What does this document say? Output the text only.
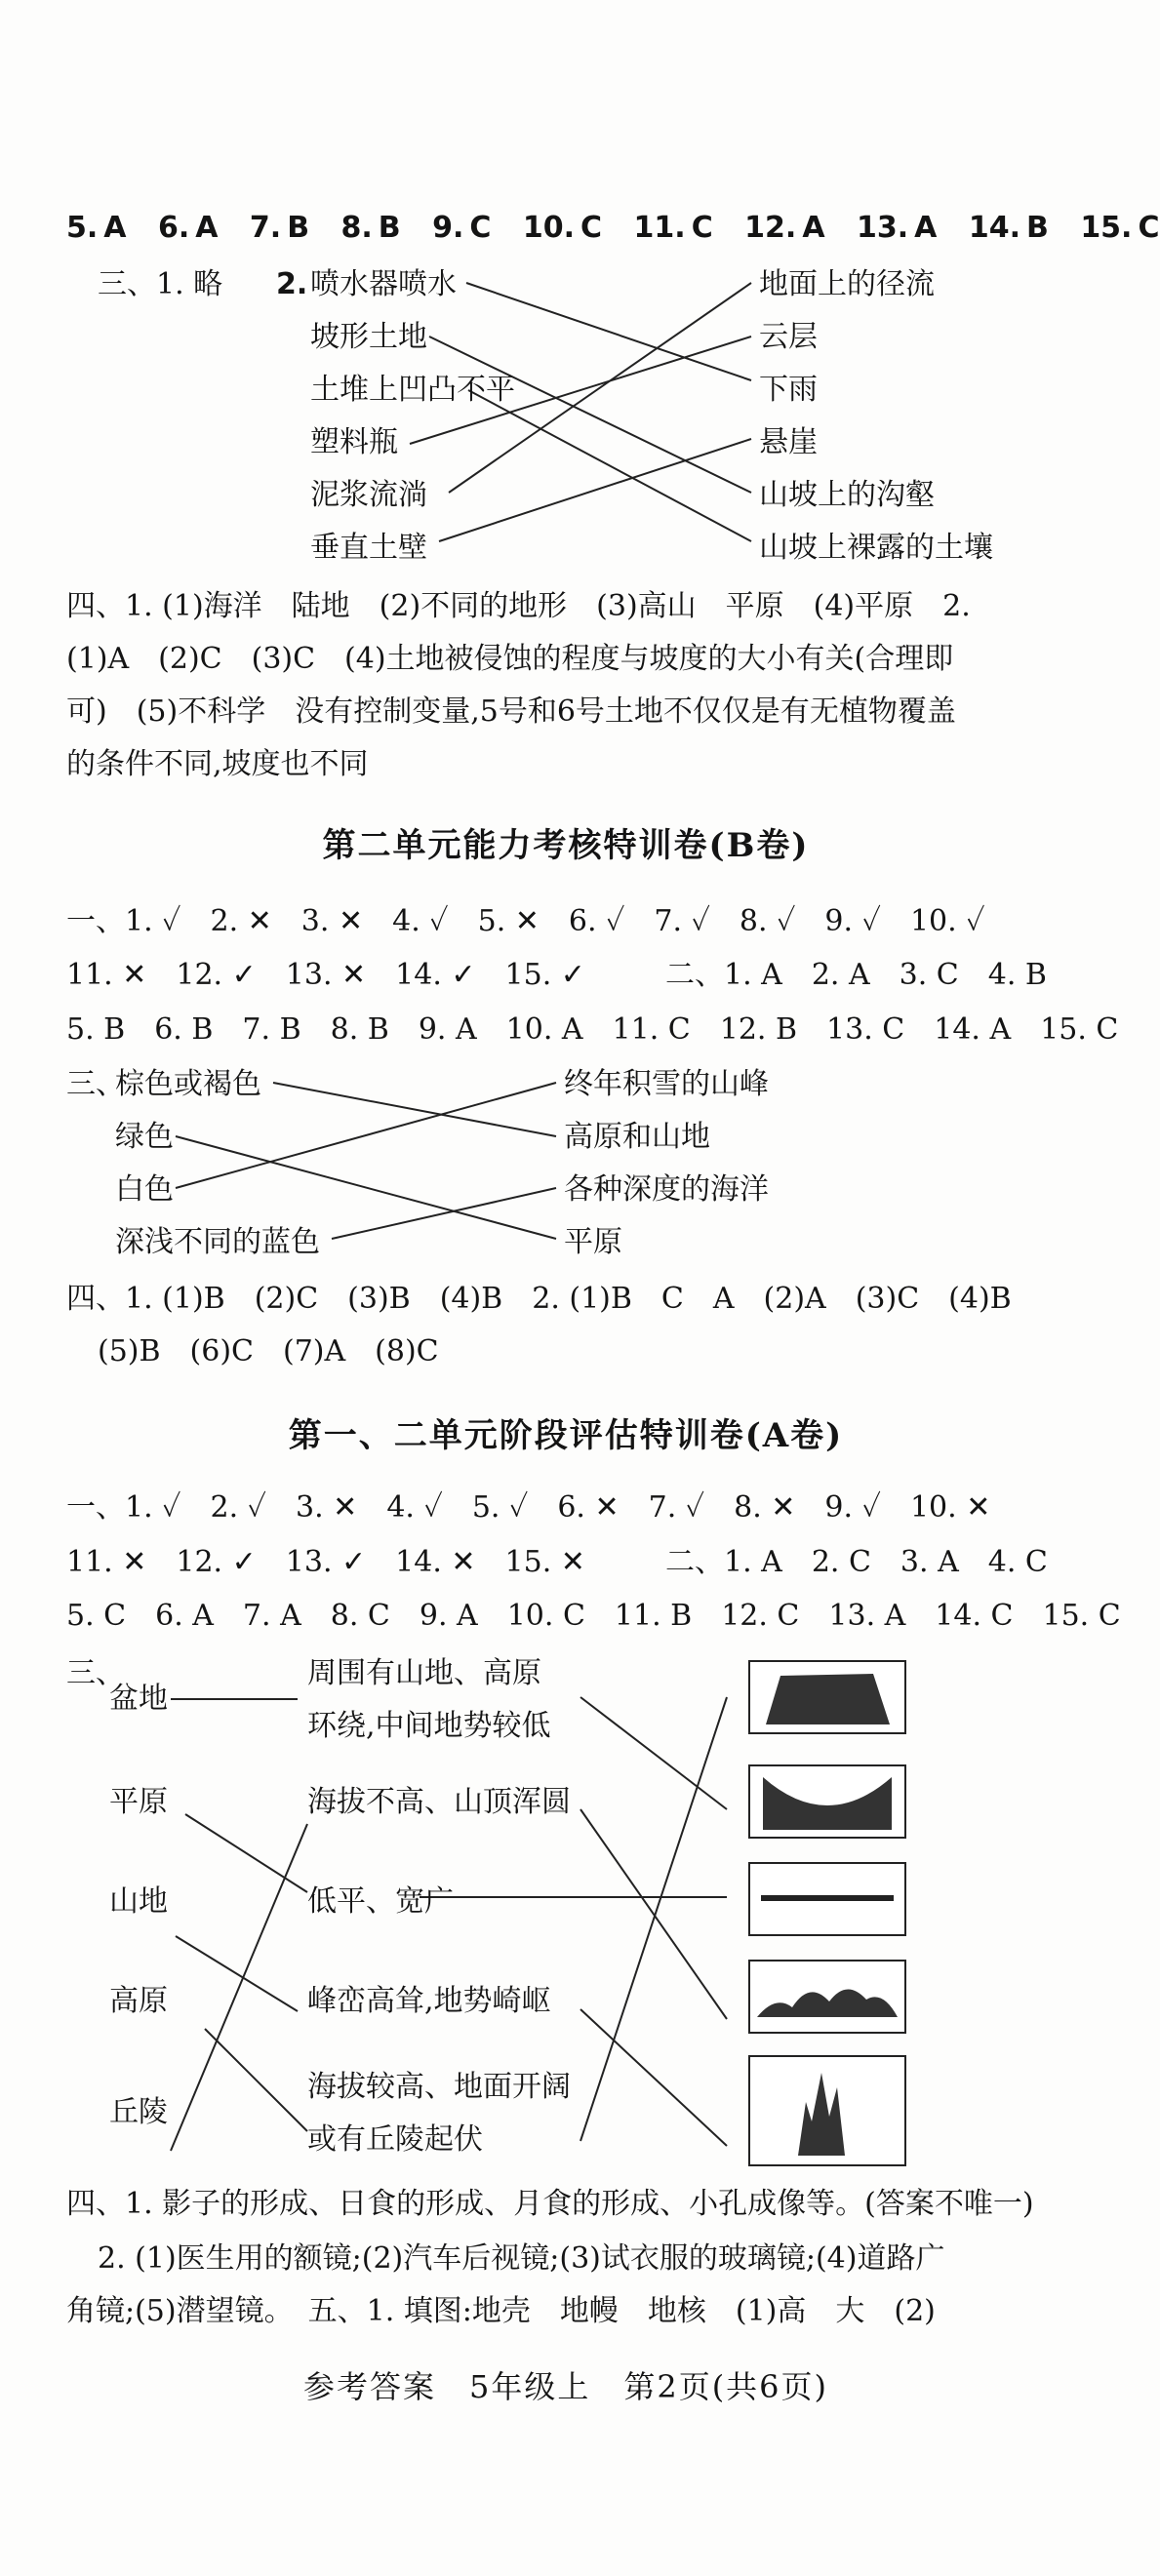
5.  A 6.  A 7.  B 8.  B 9.  C 10.  C 11.  C 12.  A 13.  A 14.  B 15.  C
三、1. 略 2. 喷水器喷水
坡形土地
土堆上凹凸不平
塑料瓶
泥浆流淌
垂直土壁
地面上的径流
云层
下雨
悬崖
山坡上的沟壑
山坡上裸露的土壤
四、1. (1)海洋　陆地　(2)不同的地形　(3)高山　平原　(4)平原　2.
(1)A　(2)C　(3)C　(4)土地被侵蚀的程度与坡度的大小有关(合理即
可)　(5)不科学　没有控制变量,5号和6号土地不仅仅是有无植物覆盖
的条件不同,坡度也不同
第二单元能力考核特训卷(B卷)
一、1. ✓　2. ✕　3. ✕　4. ✓　5. ✕　6. ✓　7. ✓　8. ✓　9. ✓　10. ✓
11. ✕　12. ✓　13. ✕　14. ✓　15. ✓	二、1. A　2. A　3. C　4. B
5. B　6. B　7. B　8. B　9. A　10. A　11. C　12. B　13. C　14. A　15. C
三、
棕色或褐色
绿色
白色
深浅不同的蓝色
终年积雪的山峰
高原和山地
各种深度的海洋
平原
四、1. (1)B　(2)C　(3)B　(4)B　2. (1)B　C　A　(2)A　(3)C　(4)B
(5)B　(6)C　(7)A　(8)C
第一、二单元阶段评估特训卷(A卷)
一、1. ✓　2. ✓　3. ✕　4. ✓　5. ✓　6. ✕　7. ✓　8. ✕　9. ✓　10. ✕
11. ✕　12. ✓　13. ✓　14. ✕　15. ✕	二、1. A　2. C　3. A　4. C
5. C　6. A　7. A　8. C　9. A　10. C　11. B　12. C　13. A　14. C　15. C
三、
盆地
平原
山地
高原
丘陵
周围有山地、高原
环绕,中间地势较低
海拔不高、山顶浑圆
低平、宽广
峰峦高耸,地势崎岖
海拔较高、地面开阔
或有丘陵起伏
四、1. 影子的形成、日食的形成、月食的形成、小孔成像等。(答案不唯一)
2. (1)医生用的额镜;(2)汽车后视镜;(3)试衣服的玻璃镜;(4)道路广
角镜;(5)潜望镜。　五、1. 填图:地壳　地幔　地核　(1)高　大　(2)
参考答案　5年级上　第2页(共6页)
